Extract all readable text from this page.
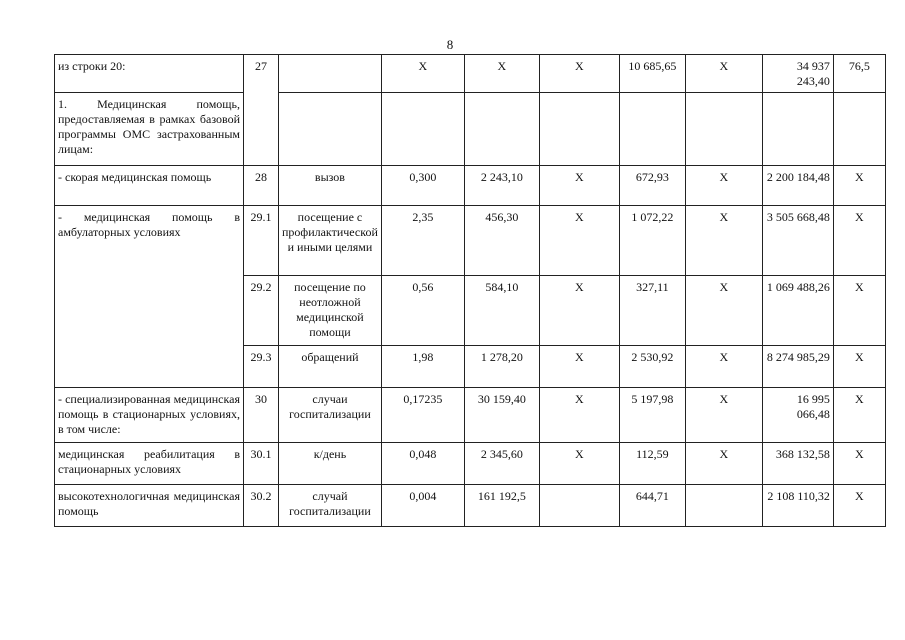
8
из строки 20:	27		Х	Х	Х	10 685,65	Х	34 937 243,40	76,5
1. Медицинская помощь, предоставляемая в рамках базовой программы ОМС застрахованным лицам:									
- скорая медицинская помощь	28	вызов	0,300	2 243,10	Х	672,93	Х	2 200 184,48	Х
- медицинская помощь в амбулаторных условиях	29.1	посещение с профилактической и иными целями	2,35	456,30	Х	1 072,22	Х	3 505 668,48	Х
	29.2	посещение по неотложной медицинской помощи	0,56	584,10	Х	327,11	Х	1 069 488,26	Х
	29.3	обращений	1,98	1 278,20	Х	2 530,92	Х	8 274 985,29	Х
- специализированная медицинская помощь в стационарных условиях, в том числе:	30	случаи госпитализации	0,17235	30 159,40	Х	5 197,98	Х	16 995 066,48	Х
медицинская реабилитация в стационарных условиях	30.1	к/день	0,048	2 345,60	Х	112,59	Х	368 132,58	Х
высокотехнологичная медицинская помощь	30.2	случай госпитализации	0,004	161 192,5		644,71		2 108 110,32	Х
